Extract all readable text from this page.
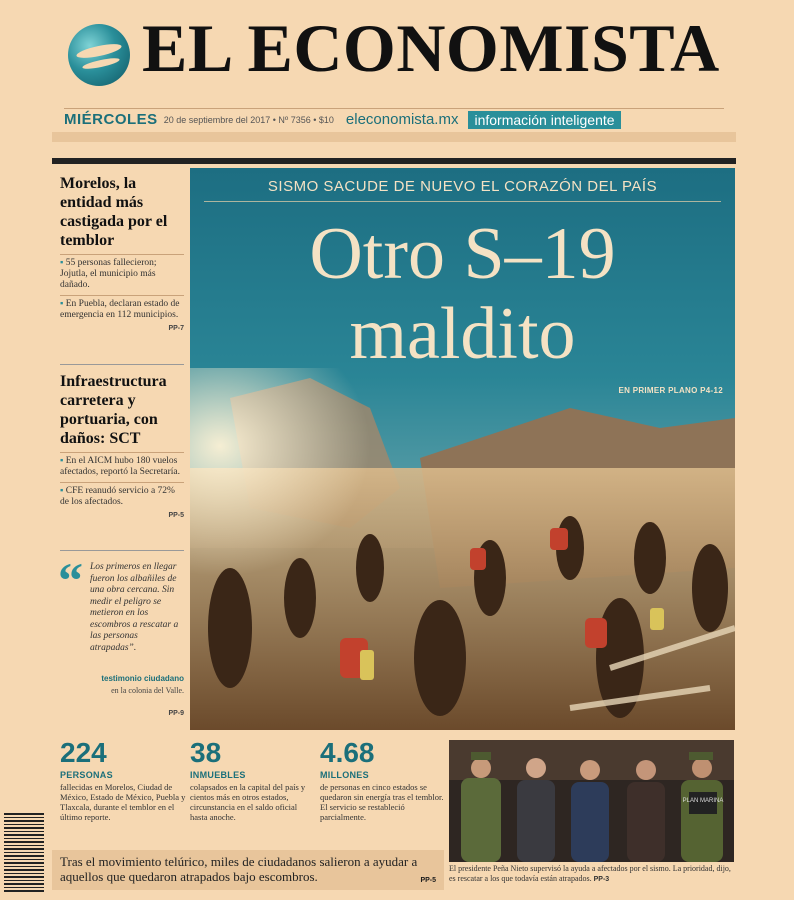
EL ECONOMISTA
MIÉRCOLES 20 de septiembre del 2017 • Nº 7356 • $10 eleconomista.mx	información inteligente
Morelos, la entidad más castigada por el temblor
▪ 55 personas fallecieron; Jojutla, el municipio más dañado.
▪ En Puebla, declaran estado de emergencia en 112 municipios.
PP-7
Infraestructura carretera y portuaria, con daños: SCT
▪ En el AICM hubo 180 vuelos afectados, reportó la Secretaría.
▪ CFE reanudó servicio a 72% de los afectados.
PP-5
“ Los primeros en llegar fueron los albañiles de una obra cercana. Sin medir el peligro se metieron en los escombros a rescatar a las personas atrapadas”.
testimonio ciudadano
en la colonia del Valle.
PP-9
SISMO SACUDE DE NUEVO EL CORAZÓN DEL PAÍS
Otro S–19
maldito
EN PRIMER PLANO P4-12
224
PERSONAS
fallecidas en Morelos, Ciudad de México, Estado de México, Puebla y Tlaxcala, durante el temblor en el último reporte.
38
INMUEBLES
colapsados en la capital del país y cientos más en otros estados, circunstancia en el saldo oficial hasta anoche.
4.68
MILLONES
de personas en cinco estados se quedaron sin energía tras el temblor. El servicio se restableció parcialmente.

Tras el movimiento telúrico, miles de ciudadanos salieron a ayudar a aquellos que quedaron atrapados bajo escombros.	PP-5
PLAN MARINA
El presidente Peña Nieto supervisó la ayuda a afectados por el sismo. La prioridad, dijo, es rescatar a los que todavía están atrapados. PP-3
